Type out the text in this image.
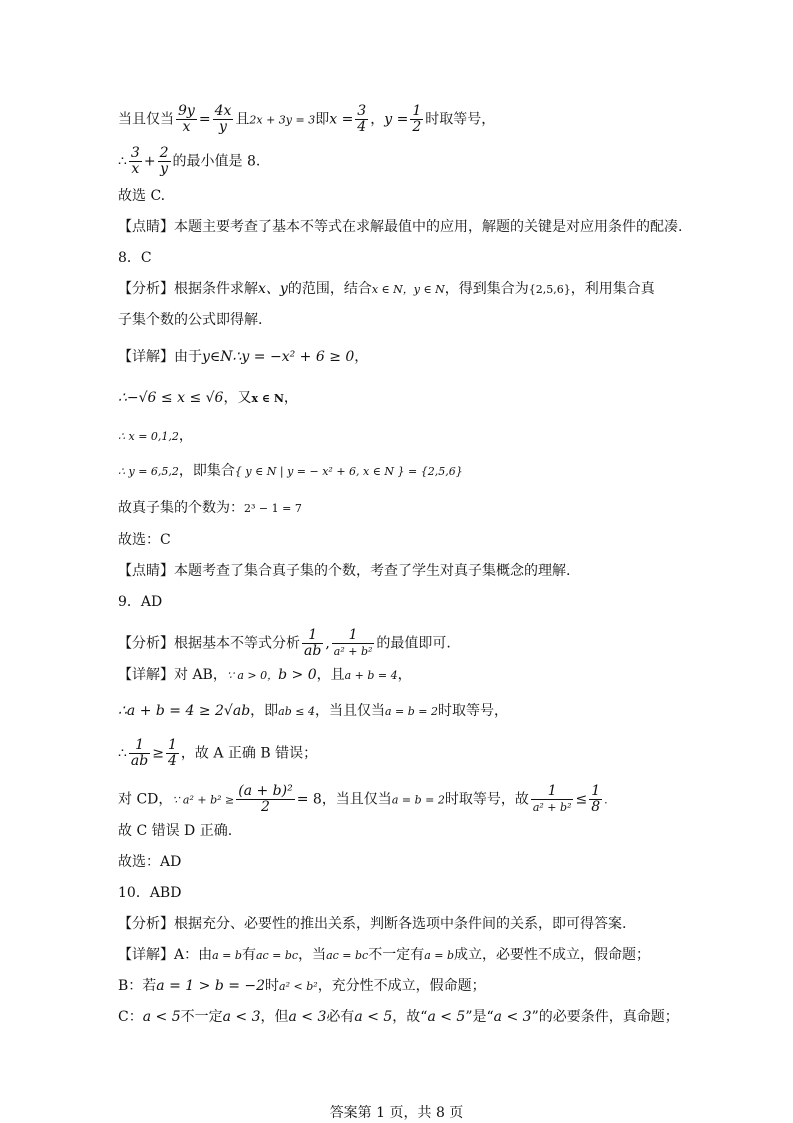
当且仅当 $\frac{9y}{x} = \frac{4x}{y}$ 且2x + 3y = 3即$x = \frac{3}{4}$ ，$y = \frac{1}{2}$ 时取等号，
∴ $\frac{3}{x} + \frac{2}{y}$ 的最小值是 8.
故选 C.
【点睛】本题主要考查了基本不等式在求解最值中的应用，解题的关键是对应用条件的配凑.
8．C
【分析】根据条件求解x、y的范围，结合x ∈ N，y ∈ N，得到集合为{2,5,6}，利用集合真
子集个数的公式即得解.
【详解】由于y∈N∴y = −x² + 6 ≥ 0，
∴−√6 ≤ x ≤ √6，又x ∈ N，
∴ x = 0,1,2，
∴ y = 6,5,2，即集合{ y ∈ N | y = − x² + 6, x ∈ N } = {2,5,6}
故真子集的个数为：2³ − 1 = 7
故选：C
【点睛】本题考查了集合真子集的个数，考查了学生对真子集概念的理解.
9．AD
【分析】根据基本不等式分析 $\frac{1}{ab}$ , $\frac{1}{\text{a² + b²}}$ 的最值即可.
【详解】对 AB，∵ a > 0，b > 0，且a + b = 4，
∴a + b = 4 ≥ 2√ab，即ab ≤ 4，当且仅当a = b = 2时取等号，
∴ $\frac{1}{ab} \ge \frac{1}{4}$ ，故 A 正确 B 错误；
对 CD，∵ $a^2 + b^2 \ge \frac{\text{(a + b)²}}{2} = 8$，当且仅当a = b = 2时取等号，故 $\frac{1}{\text{a² + b²}} \le \frac{1}{8}$ .
故 C 错误 D 正确.
故选：AD
10．ABD
【分析】根据充分、必要性的推出关系，判断各选项中条件间的关系，即可得答案.
【详解】A：由a = b有ac = bc，当ac = bc不一定有a = b成立，必要性不成立，假命题；
B：若a = 1 > b = −2时a² < b²，充分性不成立，假命题；
C：a < 5不一定a < 3，但a < 3必有a < 5，故“a < 5”是“a < 3”的必要条件，真命题；
答案第 1 页，共 8 页
